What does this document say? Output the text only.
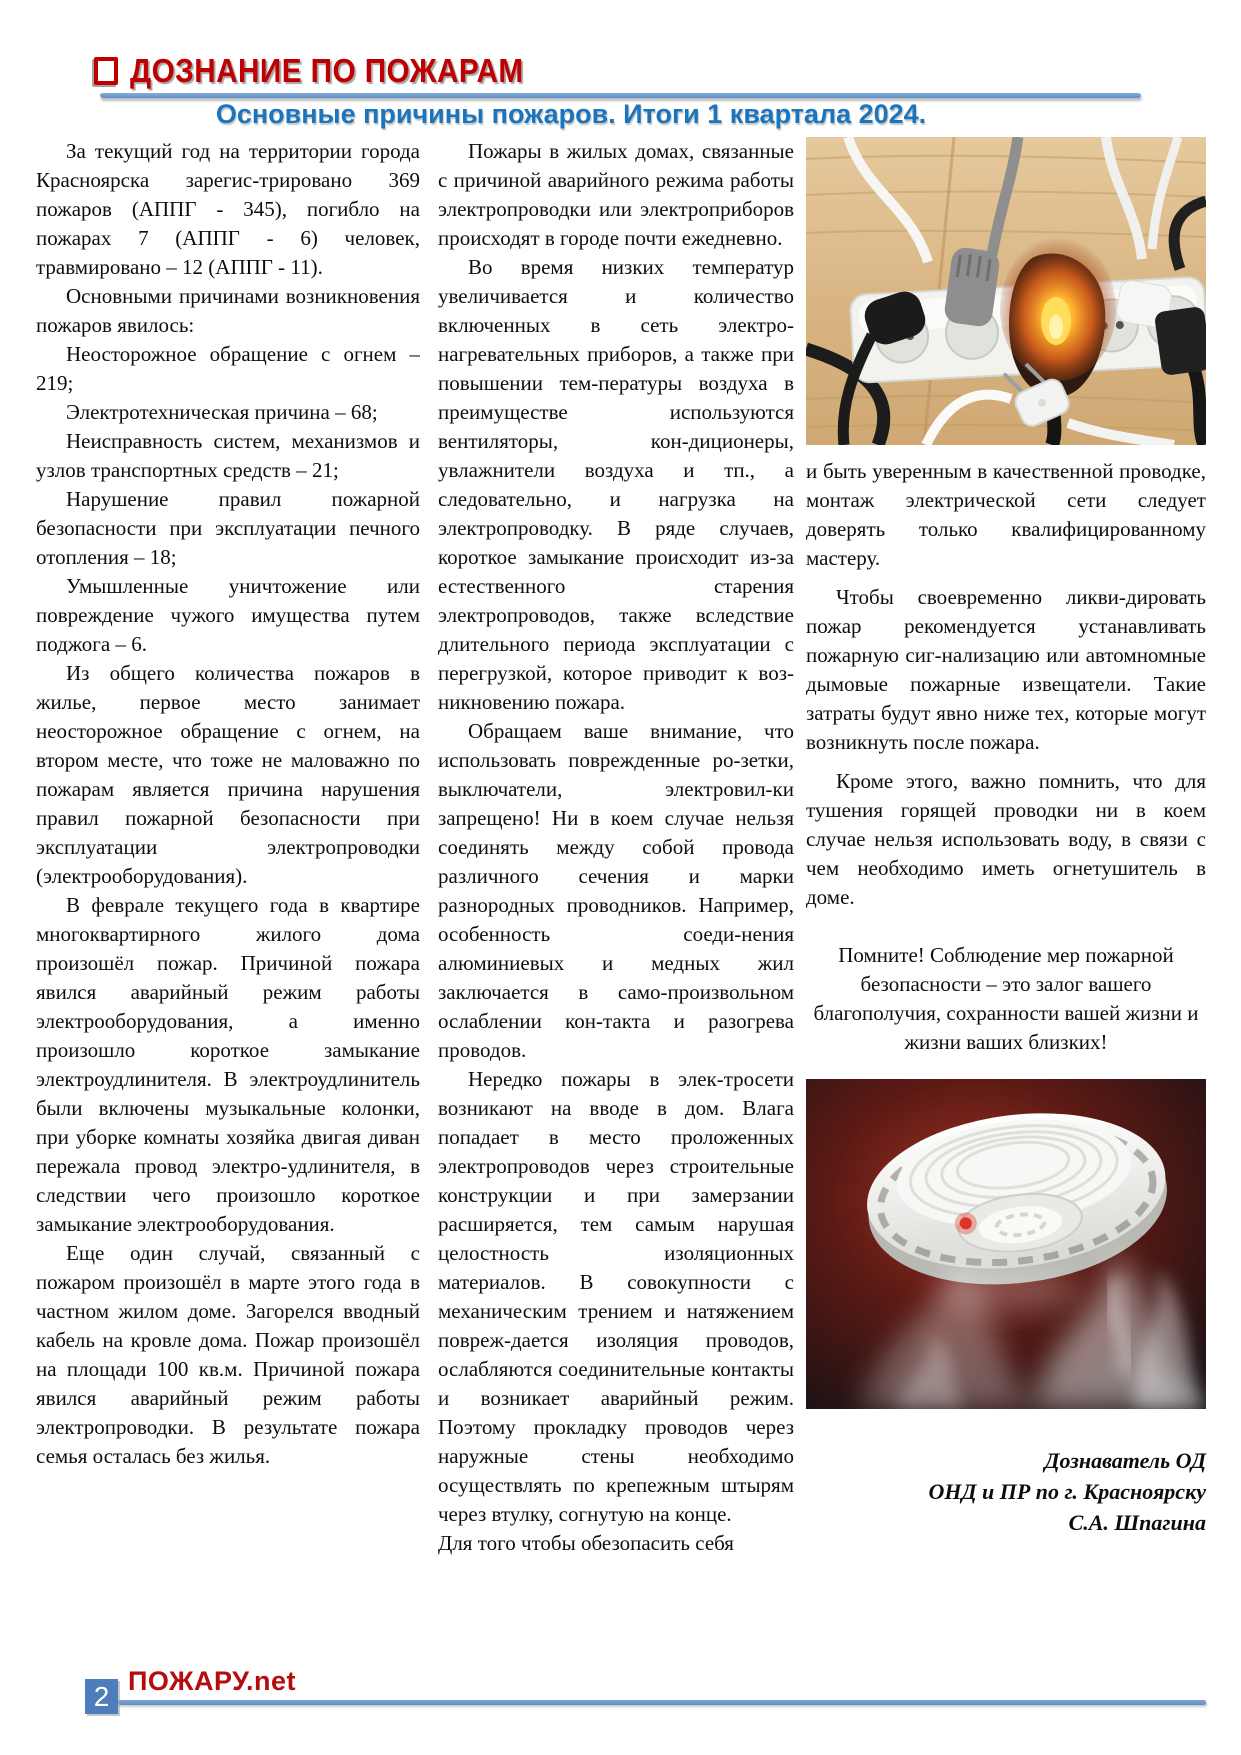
ДОЗНАНИЕ ПО ПОЖАРАМ
Основные причины пожаров. Итоги 1 квартала 2024.

За текущий год на территории города Красноярска зарегис-трировано 369 пожаров (АППГ - 345), погибло на пожарах 7 (АППГ - 6) человек, травмировано – 12 (АППГ - 11).

Основными причинами возникновения пожаров явилось:

Неосторожное обращение с огнем – 219;

Электротехническая причина – 68;

Неисправность систем, механизмов и узлов транспортных средств – 21;

Нарушение правил пожарной безопасности при эксплуатации печного отопления – 18;

Умышленные уничтожение или повреждение чужого имущества путем поджога – 6.

Из общего количества пожаров в жилье, первое место занимает неосторожное обращение с огнем, на втором месте, что тоже не маловажно по пожарам является причина нарушения правил пожарной безопасности при эксплуатации электропроводки (электрооборудования).

В феврале текущего года в квартире многоквартирного жилого дома произошёл пожар. Причиной пожара явился аварийный режим работы электрооборудования, а именно произошло короткое замыкание электроудлинителя. В электроудлинитель были включены музыкальные колонки, при уборке комнаты хозяйка двигая диван пережала провод электро-удлинителя, в следствии чего произошло короткое замыкание электрооборудования.

Еще один случай, связанный с пожаром произошёл в марте этого года в частном жилом доме. Загорелся вводный кабель на кровле дома. Пожар произошёл на площади 100 кв.м. Причиной пожара явился аварийный режим работы электропроводки. В результате пожара семья осталась без жилья.

Пожары в жилых домах, связанные с причиной аварийного режима работы электропроводки или электроприборов происходят в городе почти ежедневно.

Во время низких температур увеличивается и количество включенных в сеть электро-нагревательных приборов, а также при повышении тем-пературы воздуха в преимуществе используются вентиляторы, кон-диционеры, увлажнители воздуха и тп., а следовательно, и нагрузка на электропроводку. В ряде случаев, короткое замыкание происходит из-за естественного старения электропроводов, также вследствие длительного периода эксплуатации с перегрузкой, которое приводит к воз-никновению пожара.

Обращаем ваше внимание, что использовать поврежденные ро-зетки, выключатели, электровил-ки запрещено! Ни в коем случае нельзя соединять между собой провода различного сечения и марки разнородных проводников. Например, особенность соеди-нения алюминиевых и медных жил заключается в само-произвольном ослаблении кон-такта и разогрева проводов.

Нередко пожары в элек-тросети возникают на вводе в дом. Влага попадает в место проложенных электропроводов через строительные конструкции и при замерзании расширяется, тем самым нарушая целостность изоляционных материалов. В совокупности с механическим трением и натяжением повреж-дается изоляция проводов, ослабляются соединительные контакты и возникает аварийный режим. Поэтому прокладку проводов через наружные стены необходимо осуществлять по крепежным штырям через втулку, согнутую на конце.

Для того чтобы обезопасить себя

и быть уверенным в качественной проводке, монтаж электрической сети следует доверять только квалифицированному мастеру.

Чтобы своевременно ликви-дировать пожар рекомендуется устанавливать пожарную сиг-нализацию или автомномные дымовые пожарные извещатели. Такие затраты будут явно ниже тех, которые могут возникнуть после пожара.

Кроме этого, важно помнить, что для тушения горящей проводки ни в коем случае нельзя использовать воду, в связи с чем необходимо иметь огнетушитель в доме.

Помните! Соблюдение мер пожарной безопасности – это залог вашего благополучия, сохранности вашей жизни и жизни ваших близких!

Дознаватель ОД
ОНД и ПР по г. Красноярску
С.А. Шпагина
2 ПОЖАРУ.net
